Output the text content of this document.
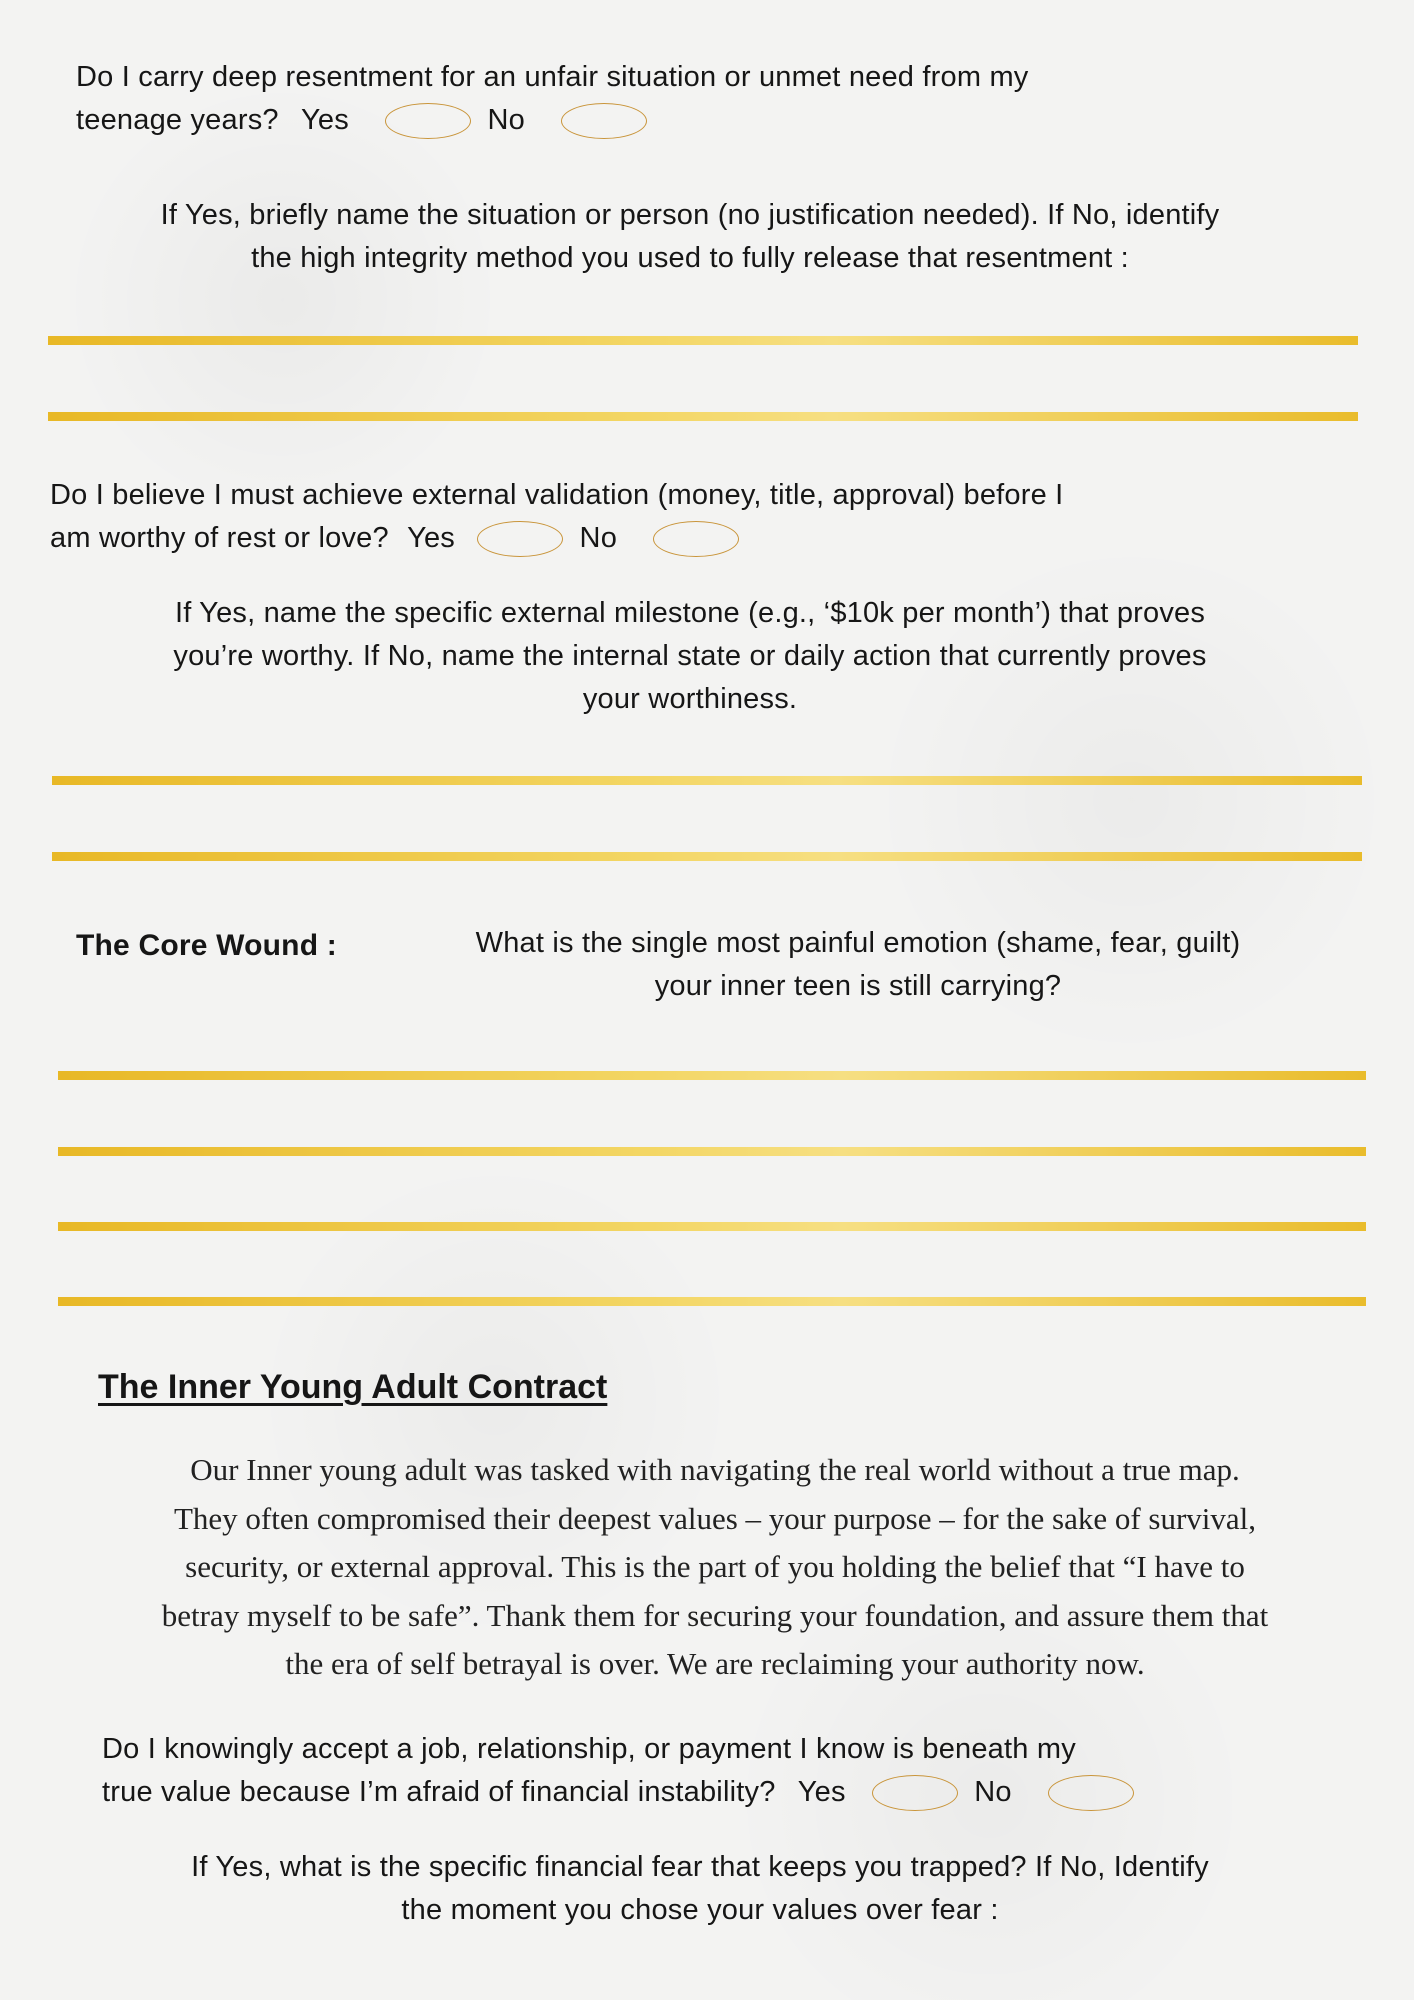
Do I carry deep resentment for an unfair situation or unmet need from my
teenage years? Yes	No
If Yes, briefly name the situation or person (no justification needed). If No, identify
the high integrity method you used to fully release that resentment :
Do I believe I must achieve external validation (money, title, approval) before I
am worthy of rest or love? Yes	No
If Yes, name the specific external milestone (e.g., ‘$10k per month’) that proves
you’re worthy. If No, name the internal state or daily action that currently proves
your worthiness.
The Core Wound :	What is the single most painful emotion (shame, fear, guilt)
your inner teen is still carrying?
The Inner Young Adult Contract
Our Inner young adult was tasked with navigating the real world without a true map.
They often compromised their deepest values – your purpose – for the sake of survival,
security, or external approval. This is the part of you holding the belief that “I have to
betray myself to be safe”. Thank them for securing your foundation, and assure them that
the era of self betrayal is over. We are reclaiming your authority now.
Do I knowingly accept a job, relationship, or payment I know is beneath my
true value because I’m afraid of financial instability? Yes	No
If Yes, what is the specific financial fear that keeps you trapped? If No, Identify
the moment you chose your values over fear :
